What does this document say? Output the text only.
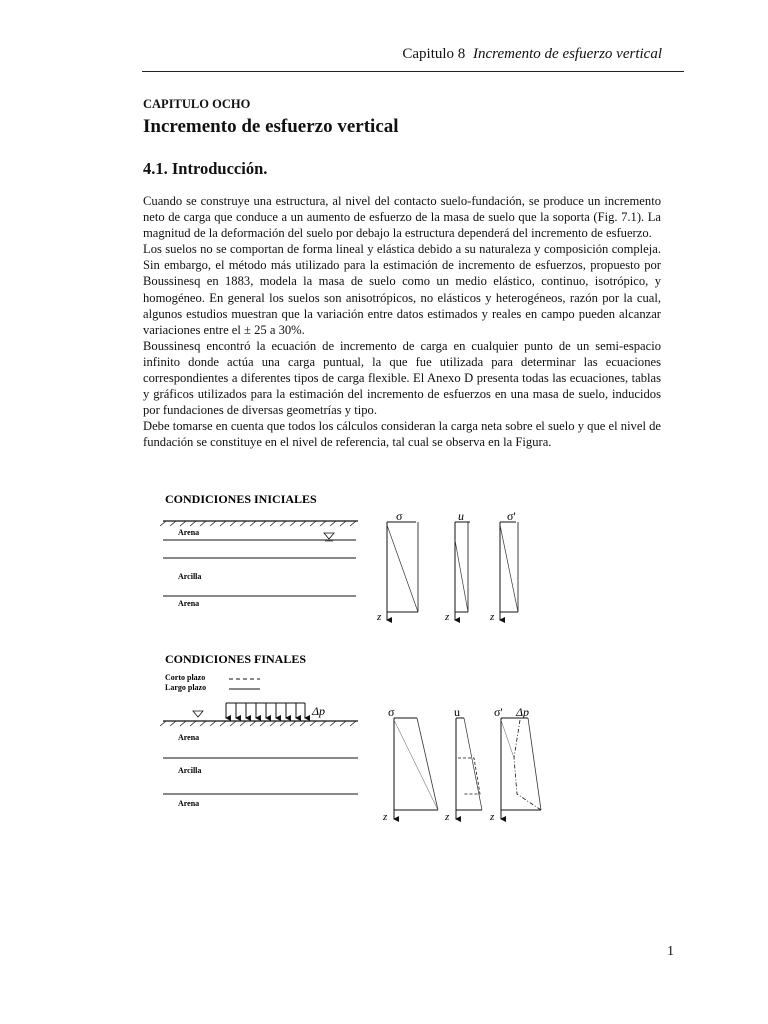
Capitulo 8 Incremento de esfuerzo vertical
CAPITULO OCHO
Incremento de esfuerzo vertical
4.1. Introducción.

Cuando se construye una estructura, al nivel del contacto suelo-fundación, se produce un incremento neto de carga que conduce a un aumento de esfuerzo de la masa de suelo que la soporta (Fig. 7.1). La magnitud de la deformación del suelo por debajo la estructura dependerá del incremento de esfuerzo.

Los suelos no se comportan de forma lineal y elástica debido a su naturaleza y composición compleja. Sin embargo, el método más utilizado para la estimación de incremento de esfuerzos, propuesto por Boussinesq en 1883, modela la masa de suelo como un medio elástico, continuo, isotrópico, y homogéneo. En general los suelos son anisotrópicos, no elásticos y heterogéneos, razón por la cual, algunos estudios muestran que la variación entre datos estimados y reales en campo pueden alcanzar variaciones entre el ± 25 a 30%.

Boussinesq encontró la ecuación de incremento de carga en cualquier punto de un semi-espacio infinito donde actúa una carga puntual, la que fue utilizada para determinar las ecuaciones correspondientes a diferentes tipos de carga flexible. El Anexo D presenta todas las ecuaciones, tablas y gráficos utilizados para la estimación del incremento de esfuerzos en una masa de suelo, inducidos por fundaciones de diversas geometrías y tipo.

Debe tomarse en cuenta que todos los cálculos consideran la carga neta sobre el suelo y que el nivel de fundación se constituye en el nivel de referencia, tal cual se observa en la Figura.

CONDICIONES INICIALES
Arena
Arcilla
Arena
σ
z
u
z
σ'
z
CONDICIONES FINALES
Corto plazo
Largo plazo
Δp
Arena
Arcilla
Arena
σ
z
u
z
σ' Δp
z
1
